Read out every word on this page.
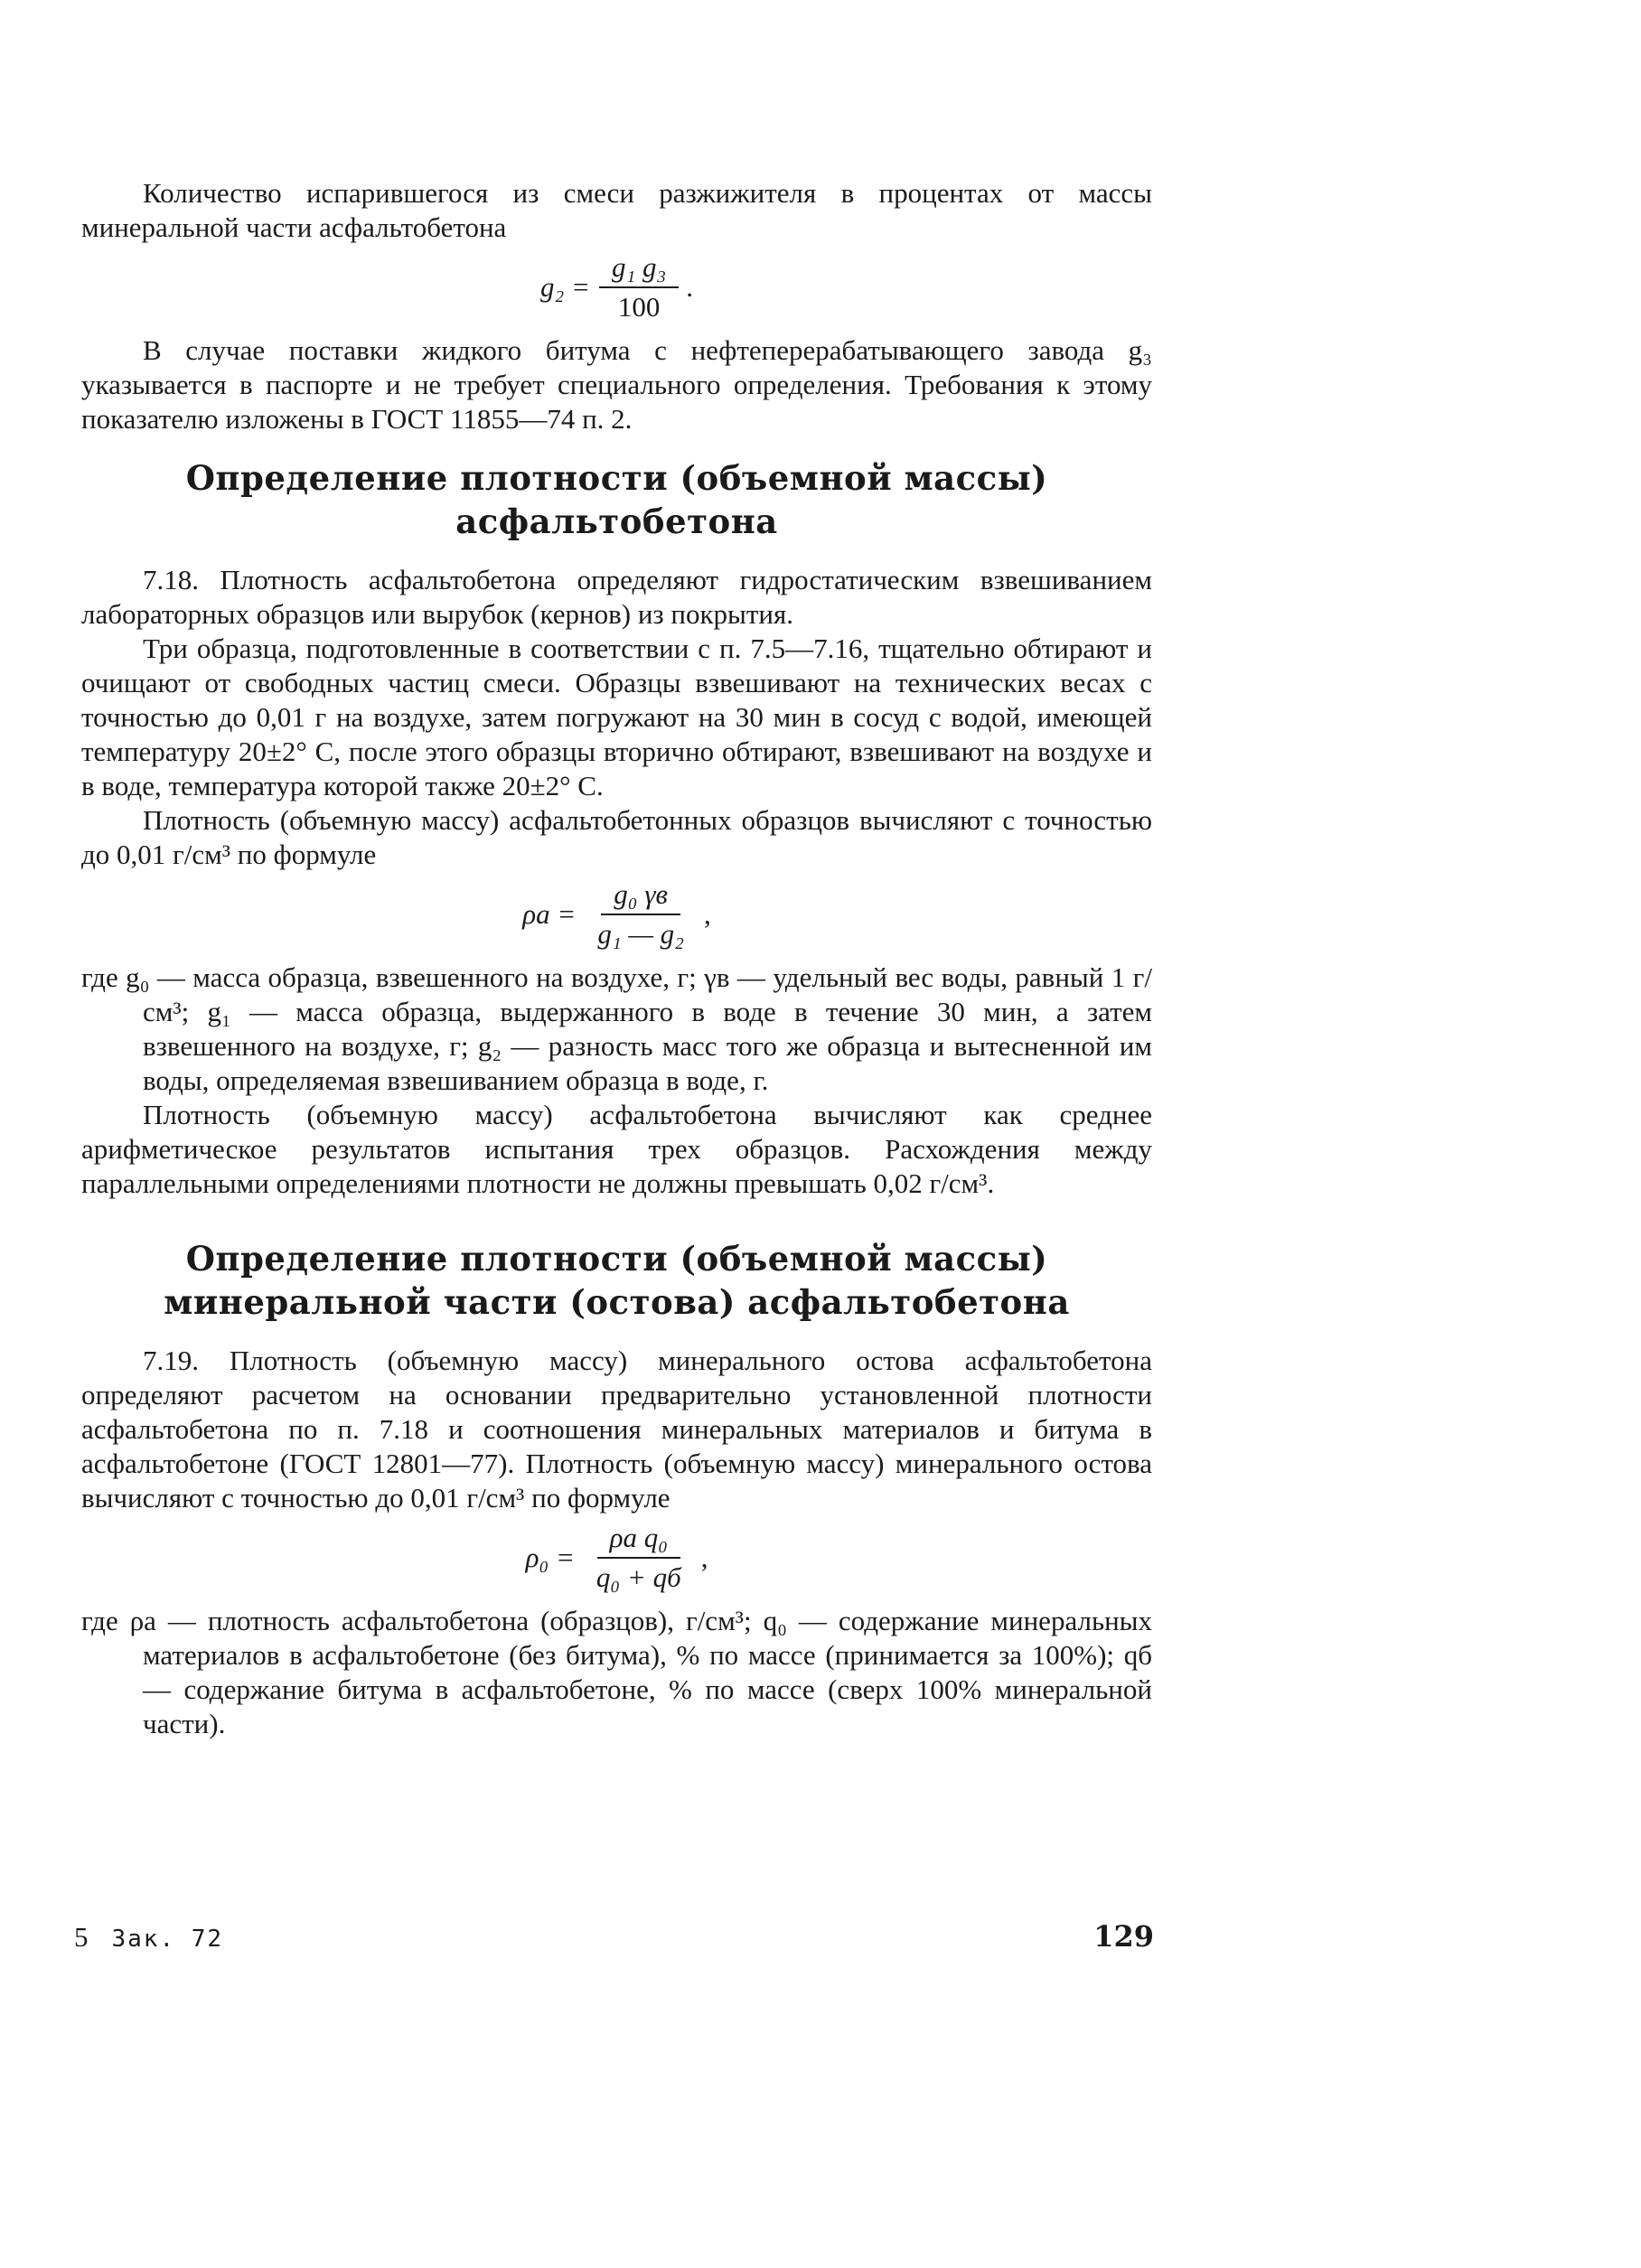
Количество испарившегося из смеси разжижителя в процентах от массы минеральной части асфальтобетона

$g_2 = \frac{\text{g₁ g₃}}{100}$ .

В случае поставки жидкого битума с нефтеперерабатывающего завода g₃ указывается в паспорте и не требует специального определения. Требования к этому показателю изложены в ГОСТ 11855—74 п. 2.

Определение плотности (объемной массы) асфальтобетона

7.18. Плотность асфальтобетона определяют гидростатическим взвешиванием лабораторных образцов или вырубок (кернов) из покрытия.

Три образца, подготовленные в соответствии с п. 7.5—7.16, тщательно обтирают и очищают от свободных частиц смеси. Образцы взвешивают на технических весах с точностью до 0,01 г на воздухе, затем погружают на 30 мин в сосуд с водой, имеющей температуру 20±2° С, после этого образцы вторично обтирают, взвешивают на воздухе и в воде, температура которой также 20±2° С.

Плотность (объемную массу) асфальтобетонных образцов вычисляют с точностью до 0,01 г/см³ по формуле

$\rho а = \frac{\text{g₀ γв}}{\text{g₁ — g₂}}$ ,

где g₀ — масса образца, взвешенного на воздухе, г; γв — удельный вес воды, равный 1 г/см³; g₁ — масса образца, выдержанного в воде в течение 30 мин, а затем взвешенного на воздухе, г; g₂ — разность масс того же образца и вытесненной им воды, определяемая взвешиванием образца в воде, г.

Плотность (объемную массу) асфальтобетона вычисляют как среднее арифметическое результатов испытания трех образцов. Расхождения между параллельными определениями плотности не должны превышать 0,02 г/см³.

Определение плотности (объемной массы) минеральной части (остова) асфальтобетона

7.19. Плотность (объемную массу) минерального остова асфальтобетона определяют расчетом на основании предварительно установленной плотности асфальтобетона по п. 7.18 и соотношения минеральных материалов и битума в асфальтобетоне (ГОСТ 12801—77). Плотность (объемную массу) минерального остова вычисляют с точностью до 0,01 г/см³ по формуле

$\rho_0 = \frac{\text{ρа q₀}}{\text{q₀ + qб}}$ ,

где ρа — плотность асфальтобетона (образцов), г/см³; q₀ — содержание минеральных материалов в асфальтобетоне (без битума), % по массе (принимается за 100%); qб — содержание битума в асфальтобетоне, % по массе (сверх 100% минеральной части).

5 Зак. 72	129
